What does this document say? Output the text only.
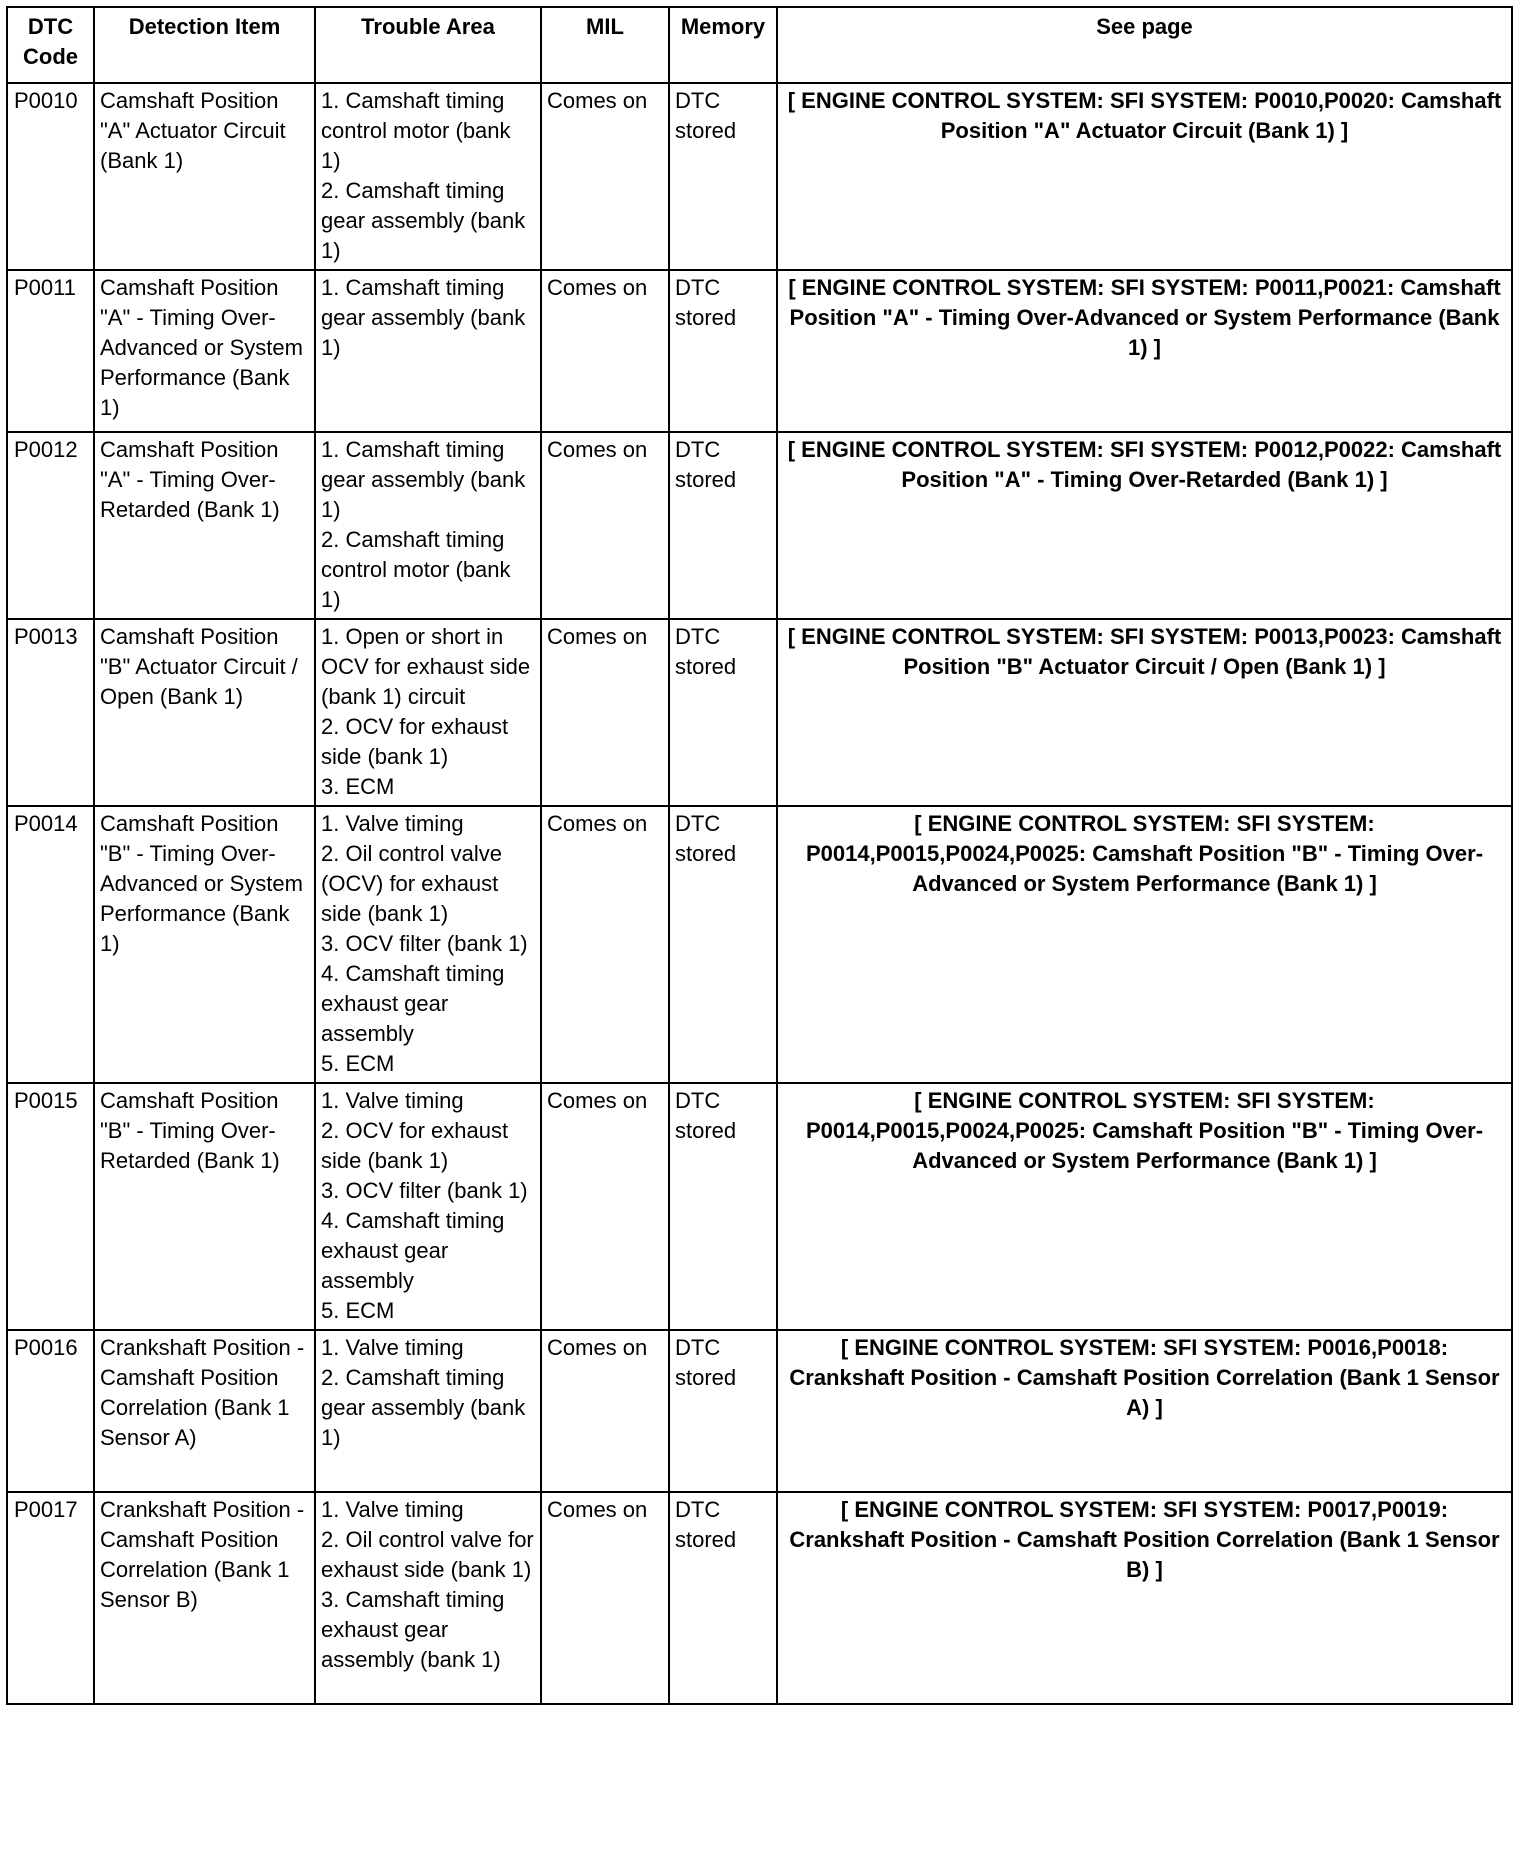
DTC
Code	Detection Item	Trouble Area	MIL	Memory	See page
P0010	Camshaft Position "A" Actuator Circuit (Bank 1)	1. Camshaft timing control motor (bank 1)
2. Camshaft timing gear assembly (bank 1)	Comes on	DTC stored	[ ENGINE CONTROL SYSTEM: SFI SYSTEM: P0010,P0020: Camshaft Position "A" Actuator Circuit (Bank 1) ]
P0011	Camshaft Position "A" - Timing Over-Advanced or System Performance (Bank 1)	1. Camshaft timing gear assembly (bank 1)	Comes on	DTC stored	[ ENGINE CONTROL SYSTEM: SFI SYSTEM: P0011,P0021: Camshaft Position "A" - Timing Over-Advanced or System Performance (Bank 1) ]
P0012	Camshaft Position "A" - Timing Over-Retarded (Bank 1)	1. Camshaft timing gear assembly (bank 1)
2. Camshaft timing control motor (bank 1)	Comes on	DTC stored	[ ENGINE CONTROL SYSTEM: SFI SYSTEM: P0012,P0022: Camshaft Position "A" - Timing Over-Retarded (Bank 1) ]
P0013	Camshaft Position "B" Actuator Circuit / Open (Bank 1)	1. Open or short in OCV for exhaust side (bank 1) circuit
2. OCV for exhaust side (bank 1)
3. ECM	Comes on	DTC stored	[ ENGINE CONTROL SYSTEM: SFI SYSTEM: P0013,P0023: Camshaft Position "B" Actuator Circuit / Open (Bank 1) ]
P0014	Camshaft Position "B" - Timing Over-Advanced or System Performance (Bank 1)	1. Valve timing
2. Oil control valve (OCV) for exhaust side (bank 1)
3. OCV filter (bank 1)
4. Camshaft timing exhaust gear assembly
5. ECM	Comes on	DTC stored	[ ENGINE CONTROL SYSTEM: SFI SYSTEM: P0014,P0015,P0024,P0025: Camshaft Position "B" - Timing Over-Advanced or System Performance (Bank 1) ]
P0015	Camshaft Position "B" - Timing Over-Retarded (Bank 1)	1. Valve timing
2. OCV for exhaust side (bank 1)
3. OCV filter (bank 1)
4. Camshaft timing exhaust gear assembly
5. ECM	Comes on	DTC stored	[ ENGINE CONTROL SYSTEM: SFI SYSTEM: P0014,P0015,P0024,P0025: Camshaft Position "B" - Timing Over-Advanced or System Performance (Bank 1) ]
P0016	Crankshaft Position - Camshaft Position Correlation (Bank 1 Sensor A)	1. Valve timing
2. Camshaft timing gear assembly (bank 1)	Comes on	DTC stored	[ ENGINE CONTROL SYSTEM: SFI SYSTEM: P0016,P0018: Crankshaft Position - Camshaft Position Correlation (Bank 1 Sensor A) ]
P0017	Crankshaft Position - Camshaft Position Correlation (Bank 1 Sensor B)	1. Valve timing
2. Oil control valve for exhaust side (bank 1)
3. Camshaft timing exhaust gear assembly (bank 1)	Comes on	DTC stored	[ ENGINE CONTROL SYSTEM: SFI SYSTEM: P0017,P0019: Crankshaft Position - Camshaft Position Correlation (Bank 1 Sensor B) ]
